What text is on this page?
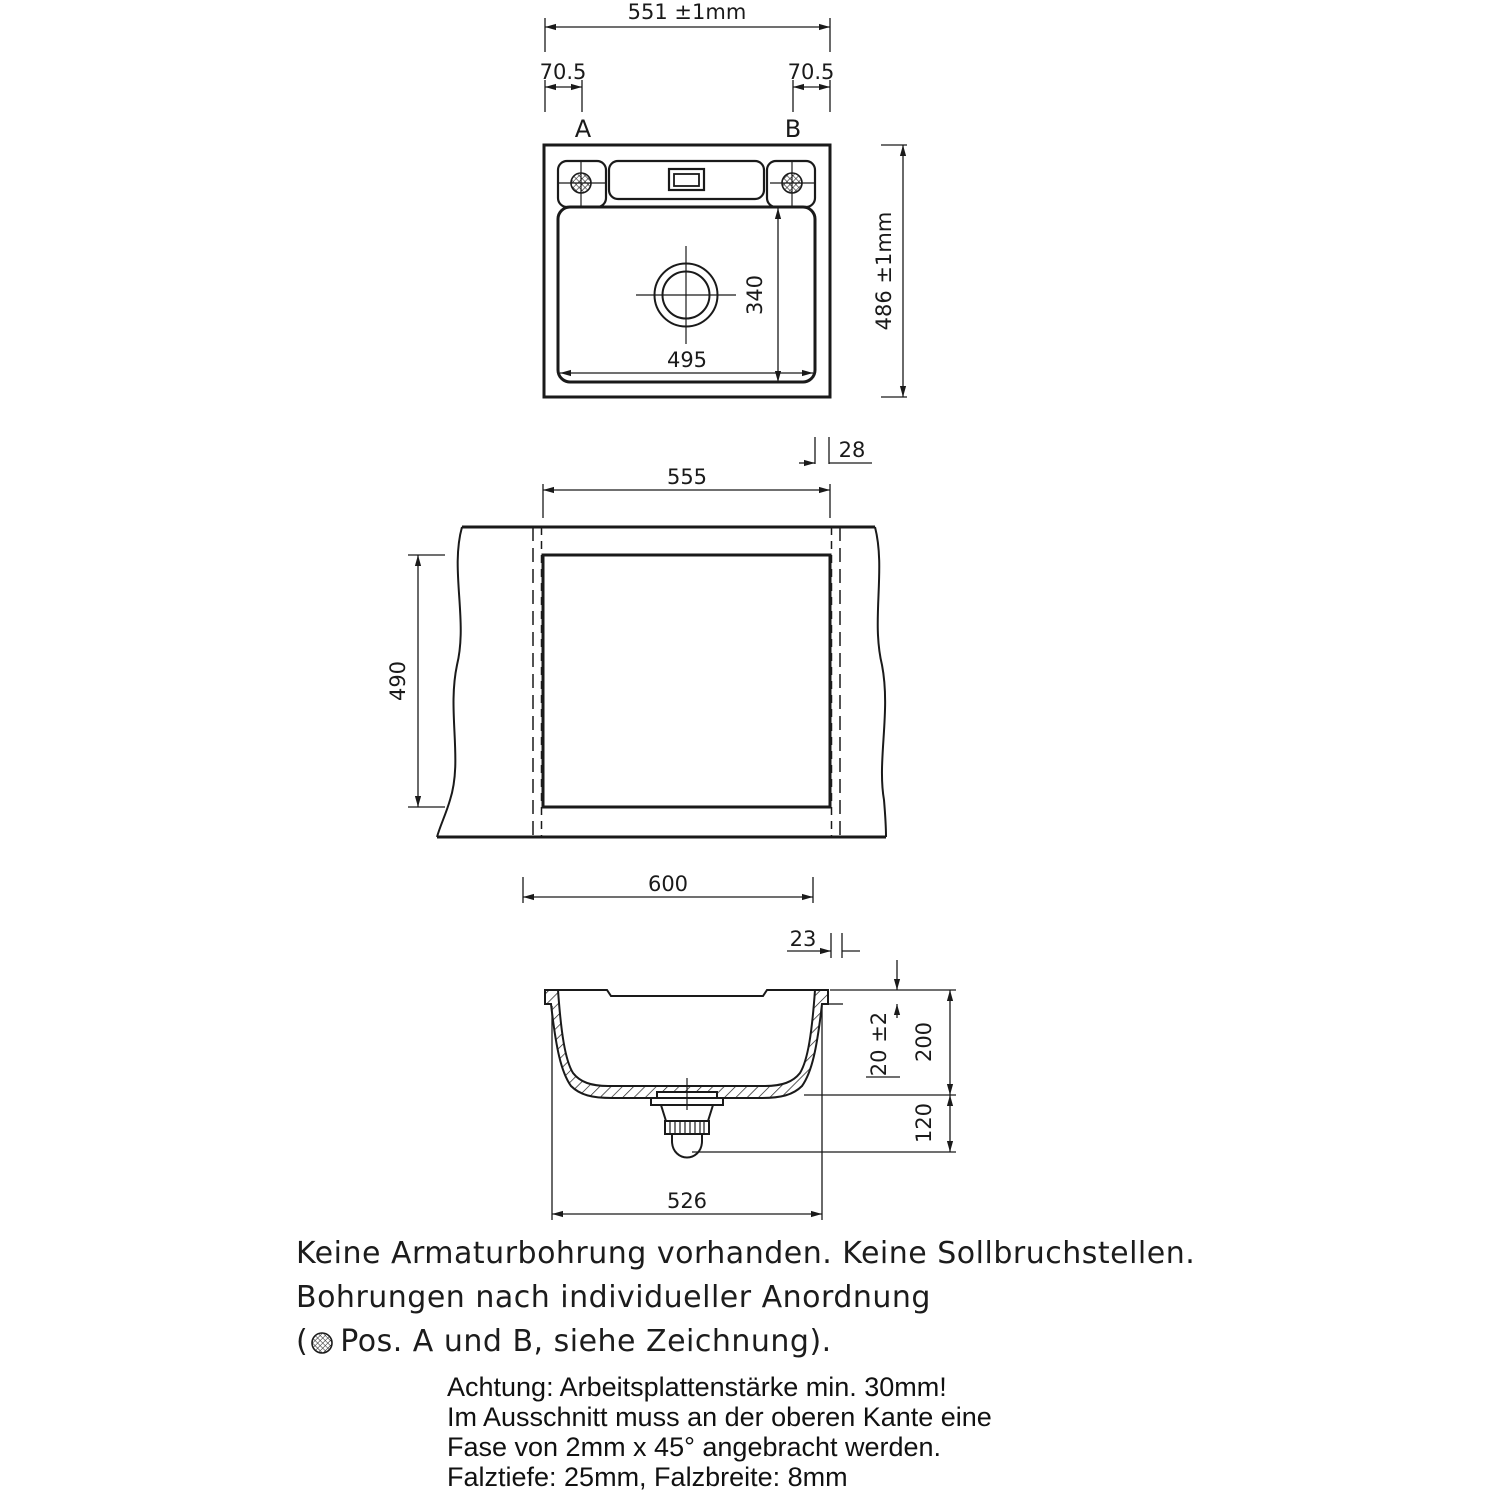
551 ±1mm
70.5	70.5
A	B
486 ±1mm
340
495
555
28
490
600
23
20 ±2 200
120
526
Keine Armaturbohrung vorhanden. Keine Sollbruchstellen.
Bohrungen nach individueller Anordnung
( Pos. A und B, siehe Zeichnung).
Achtung: Arbeitsplattenstärke min. 30mm!
Im Ausschnitt muss an der oberen Kante eine
Fase von 2mm x 45° angebracht werden.
Falztiefe: 25mm, Falzbreite: 8mm
